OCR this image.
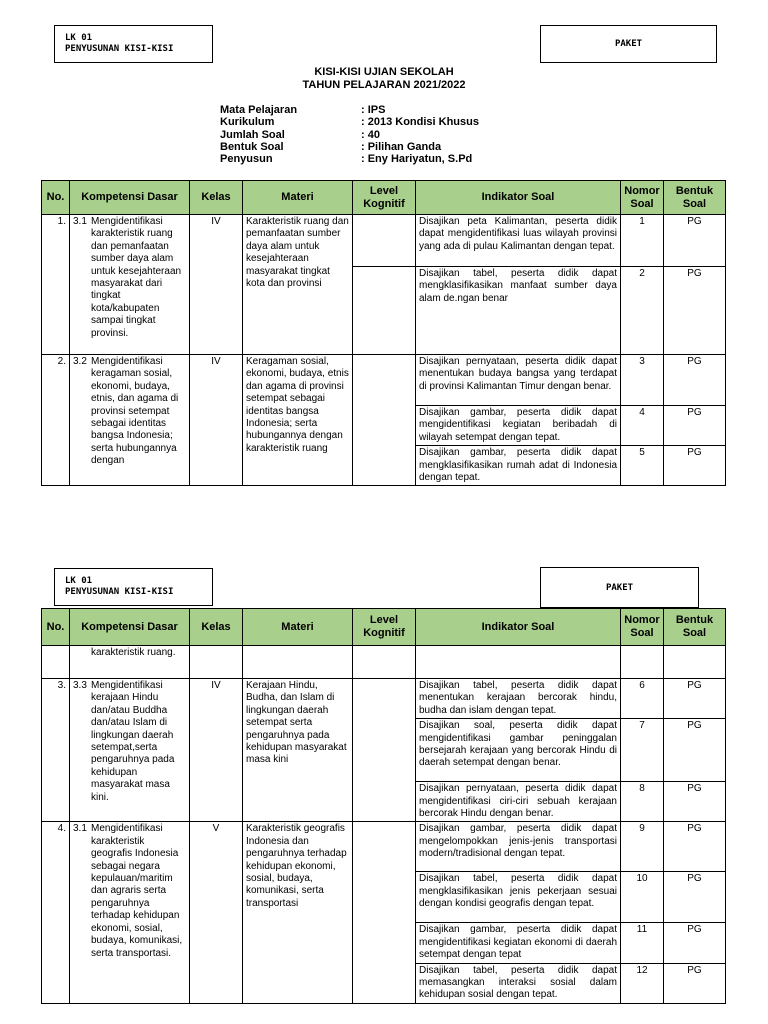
LK 01
PENYUSUNAN KISI-KISI	PAKET
KISI-KISI UJIAN SEKOLAH
TAHUN PELAJARAN 2021/2022
Mata Pelajaran	: IPS
Kurikulum	: 2013 Kondisi Khusus
Jumlah Soal	: 40
Bentuk Soal	: Pilihan Ganda
Penyusun	: Eny Hariyatun, S.Pd
No.	Kompetensi Dasar	Kelas	Materi	Level Kognitif	Indikator Soal	Nomor Soal	Bentuk Soal
1.	3.1 Mengidentifikasi karakteristik ruang dan pemanfaatan sumber daya alam untuk kesejahteraan masyarakat dari tingkat kota/kabupaten sampai tingkat provinsi.	IV	Karakteristik ruang dan pemanfaatan sumber daya alam untuk kesejahteraan masyarakat tingkat kota dan provinsi		Disajikan peta Kalimantan, peserta didik dapat mengidentifikasi luas wilayah provinsi yang ada di pulau Kalimantan dengan tepat.	1	PG
					Disajikan tabel, peserta didik dapat mengklasifikasikan manfaat sumber daya alam de.ngan benar	2	PG
2.	3.2 Mengidentifikasi keragaman sosial, ekonomi, budaya, etnis, dan agama di provinsi setempat sebagai identitas bangsa Indonesia; serta hubungannya dengan	IV	Keragaman sosial, ekonomi, budaya, etnis dan agama di provinsi setempat sebagai identitas bangsa Indonesia; serta hubungannya dengan karakteristik ruang		Disajikan pernyataan, peserta didik dapat menentukan budaya bangsa yang terdapat di provinsi Kalimantan Timur dengan benar.	3	PG
					Disajikan gambar, peserta didik dapat mengidentifikasi kegiatan beribadah di wilayah setempat dengan tepat.	4	PG
					Disajikan gambar, peserta didik dapat mengklasifikasikan rumah adat di Indonesia dengan tepat.	5	PG
LK 01
PENYUSUNAN KISI-KISI	PAKET
No.	Kompetensi Dasar	Kelas	Materi	Level Kognitif	Indikator Soal	Nomor Soal	Bentuk Soal

	karakteristik ruang.						

3.	3.3 Mengidentifikasi kerajaan Hindu dan/atau Buddha dan/atau Islam di lingkungan daerah setempat,serta pengaruhnya pada kehidupan masyarakat masa kini.	IV	Kerajaan Hindu, Budha, dan Islam di lingkungan daerah setempat serta pengaruhnya pada kehidupan masyarakat masa kini		Disajikan tabel, peserta didik dapat menentukan kerajaan bercorak hindu, budha dan islam dengan tepat.	6	PG
					Disajikan soal, peserta didik dapat mengidentifikasi gambar peninggalan bersejarah kerajaan yang bercorak Hindu di daerah setempat dengan benar.	7	PG
					Disajikan pernyataan, peserta didik dapat mengidentifikasi ciri-ciri sebuah kerajaan bercorak Hindu dengan benar.	8	PG
4.	3.1 Mengidentifikasi karakteristik geografis Indonesia sebagai negara kepulauan/maritim dan agraris serta pengaruhnya terhadap kehidupan ekonomi, sosial, budaya, komunikasi, serta transportasi.	V	Karakteristik geografis Indonesia dan pengaruhnya terhadap kehidupan ekonomi, sosial, budaya, komunikasi, serta transportasi		Disajikan gambar, peserta didik dapat mengelompokkan jenis-jenis transportasi modern/tradisional dengan tepat.	9	PG
					Disajikan tabel, peserta didik dapat mengklasifikasikan jenis pekerjaan sesuai dengan kondisi geografis dengan tepat.	10	PG
					Disajikan gambar, peserta didik dapat mengidentifikasi kegiatan ekonomi di daerah setempat dengan tepat	11	PG
					Disajikan tabel, peserta didik dapat memasangkan interaksi sosial dalam kehidupan sosial dengan tepat.	12	PG
